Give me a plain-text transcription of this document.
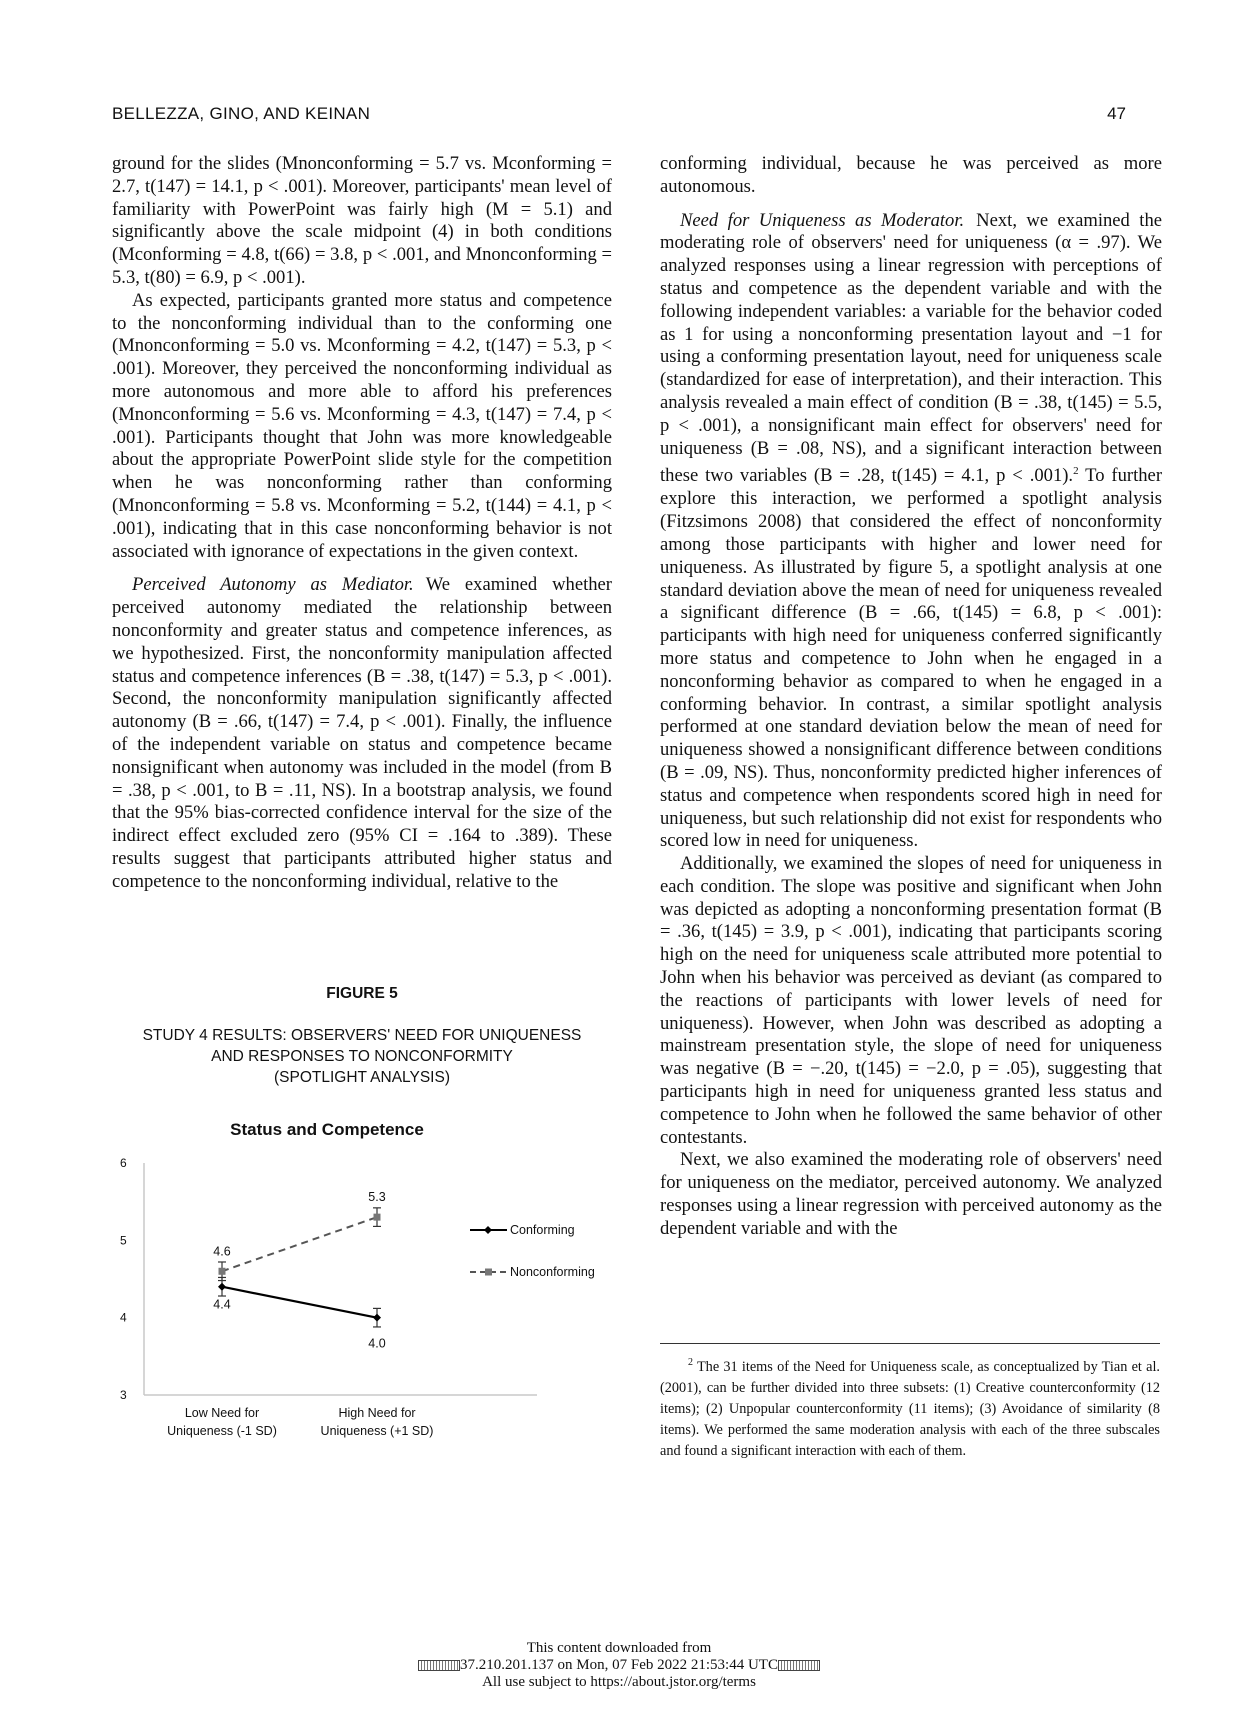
BELLEZZA, GINO, AND KEINAN	47

ground for the slides (Mnonconforming = 5.7 vs. Mconforming = 2.7, t(147) = 14.1, p < .001). Moreover, participants' mean level of familiarity with PowerPoint was fairly high (M = 5.1) and significantly above the scale midpoint (4) in both conditions (Mconforming = 4.8, t(66) = 3.8, p < .001, and Mnonconforming = 5.3, t(80) = 6.9, p < .001).

As expected, participants granted more status and competence to the nonconforming individual than to the conforming one (Mnonconforming = 5.0 vs. Mconforming = 4.2, t(147) = 5.3, p < .001). Moreover, they perceived the nonconforming individual as more autonomous and more able to afford his preferences (Mnonconforming = 5.6 vs. Mconforming = 4.3, t(147) = 7.4, p < .001). Participants thought that John was more knowledgeable about the appropriate PowerPoint slide style for the competition when he was nonconforming rather than conforming (Mnonconforming = 5.8 vs. Mconforming = 5.2, t(144) = 4.1, p < .001), indicating that in this case nonconforming behavior is not associated with ignorance of expectations in the given context.

Perceived Autonomy as Mediator. We examined whether perceived autonomy mediated the relationship between nonconformity and greater status and competence inferences, as we hypothesized. First, the nonconformity manipulation affected status and competence inferences (B = .38, t(147) = 5.3, p < .001). Second, the nonconformity manipulation significantly affected autonomy (B = .66, t(147) = 7.4, p < .001). Finally, the influence of the independent variable on status and competence became nonsignificant when autonomy was included in the model (from B = .38, p < .001, to B = .11, NS). In a bootstrap analysis, we found that the 95% bias-corrected confidence interval for the size of the indirect effect excluded zero (95% CI = .164 to .389). These results suggest that participants attributed higher status and competence to the nonconforming individual, relative to the

FIGURE 5
STUDY 4 RESULTS: OBSERVERS' NEED FOR UNIQUENESS
AND RESPONSES TO NONCONFORMITY
(SPOTLIGHT ANALYSIS)
Status and Competence
3
4
5
6
Low Need for
Uniqueness (-1 SD)
High Need for
Uniqueness (+1 SD)
4.4
4.0
4.6
5.3
Conforming
Nonconforming

conforming individual, because he was perceived as more autonomous.

Need for Uniqueness as Moderator. Next, we examined the moderating role of observers' need for uniqueness (α = .97). We analyzed responses using a linear regression with perceptions of status and competence as the dependent variable and with the following independent variables: a variable for the behavior coded as 1 for using a nonconforming presentation layout and −1 for using a conforming presentation layout, need for uniqueness scale (standardized for ease of interpretation), and their interaction. This analysis revealed a main effect of condition (B = .38, t(145) = 5.5, p < .001), a nonsignificant main effect for observers' need for uniqueness (B = .08, NS), and a significant interaction between these two variables (B = .28, t(145) = 4.1, p < .001).$^2$ To further explore this interaction, we performed a spotlight analysis (Fitzsimons 2008) that considered the effect of nonconformity among those participants with higher and lower need for uniqueness. As illustrated by figure 5, a spotlight analysis at one standard deviation above the mean of need for uniqueness revealed a significant difference (B = .66, t(145) = 6.8, p < .001): participants with high need for uniqueness conferred significantly more status and competence to John when he engaged in a nonconforming behavior as compared to when he engaged in a conforming behavior. In contrast, a similar spotlight analysis performed at one standard deviation below the mean of need for uniqueness showed a nonsignificant difference between conditions (B = .09, NS). Thus, nonconformity predicted higher inferences of status and competence when respondents scored high in need for uniqueness, but such relationship did not exist for respondents who scored low in need for uniqueness.

Additionally, we examined the slopes of need for uniqueness in each condition. The slope was positive and significant when John was depicted as adopting a nonconforming presentation format (B = .36, t(145) = 3.9, p < .001), indicating that participants scoring high on the need for uniqueness scale attributed more potential to John when his behavior was perceived as deviant (as compared to the reactions of participants with lower levels of need for uniqueness). However, when John was described as adopting a mainstream presentation style, the slope of need for uniqueness was negative (B = −.20, t(145) = −2.0, p = .05), suggesting that participants high in need for uniqueness granted less status and competence to John when he followed the same behavior of other contestants.

Next, we also examined the moderating role of observers' need for uniqueness on the mediator, perceived autonomy. We analyzed responses using a linear regression with perceived autonomy as the dependent variable and with the

$^2$ The 31 items of the Need for Uniqueness scale, as conceptualized by Tian et al. (2001), can be further divided into three subsets: (1) Creative counterconformity (12 items); (2) Unpopular counterconformity (11 items); (3) Avoidance of similarity (8 items). We performed the same moderation analysis with each of the three subscales and found a significant interaction with each of them.
This content downloaded from
37.210.201.137 on Mon, 07 Feb 2022 21:53:44 UTC
All use subject to https://about.jstor.org/terms
